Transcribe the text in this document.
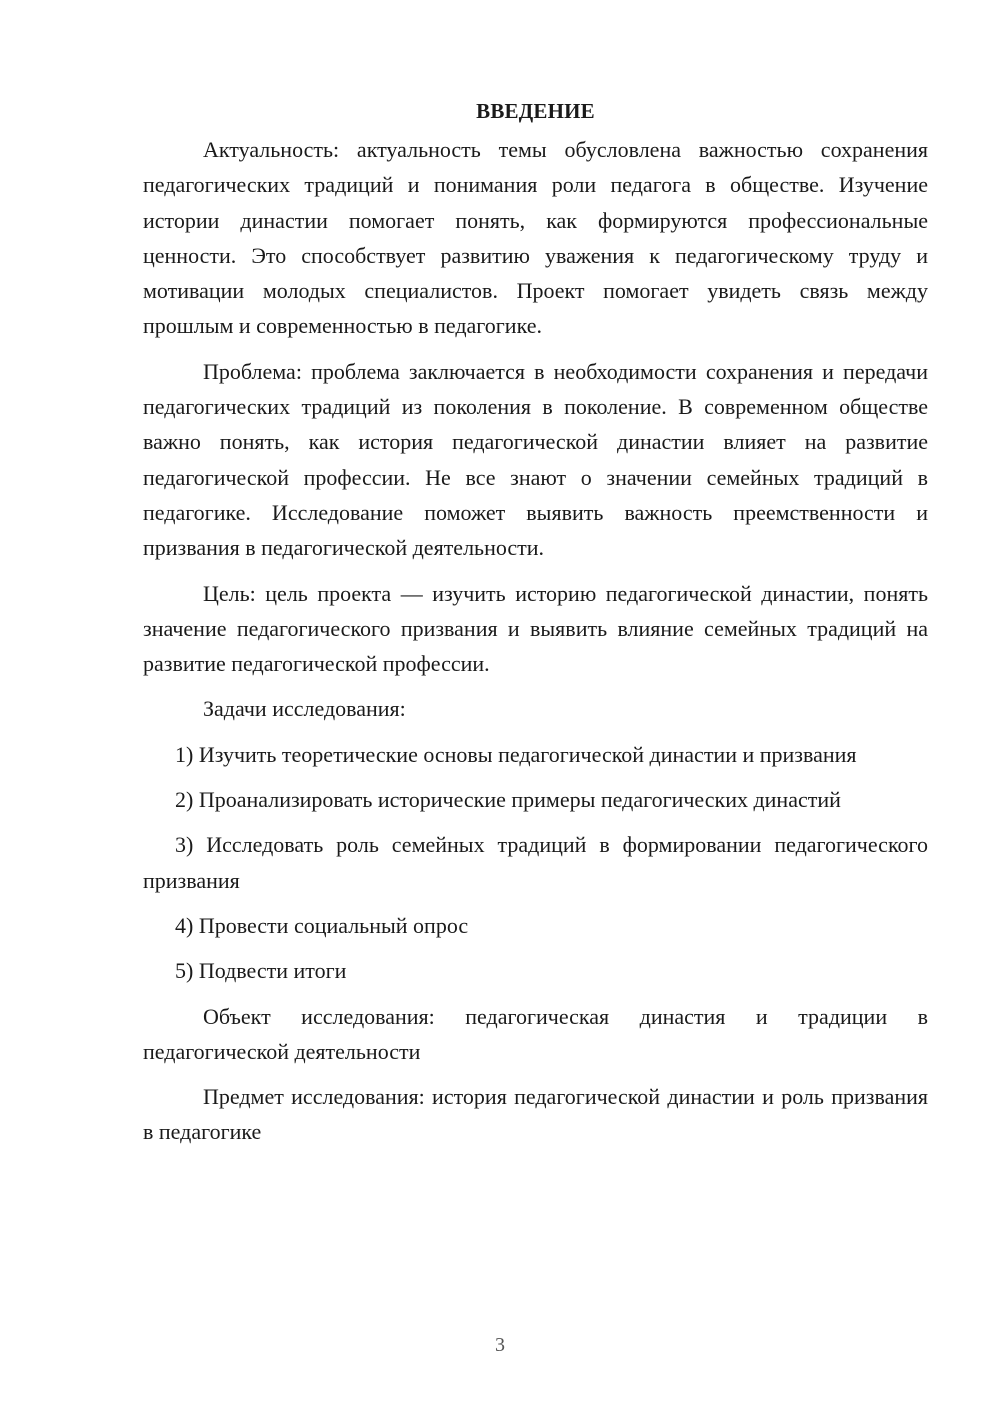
ВВЕДЕНИЕ

Актуальность: актуальность темы обусловлена важностью сохранения педагогических традиций и понимания роли педагога в обществе. Изучение истории династии помогает понять, как формируются профессиональные ценности. Это способствует развитию уважения к педагогическому труду и мотивации молодых специалистов. Проект помогает увидеть связь между прошлым и современностью в педагогике.

Проблема: проблема заключается в необходимости сохранения и передачи педагогических традиций из поколения в поколение. В современном обществе важно понять, как история педагогической династии влияет на развитие педагогической профессии. Не все знают о значении семейных традиций в педагогике. Исследование поможет выявить важность преемственности и призвания в педагогической деятельности.

Цель: цель проекта — изучить историю педагогической династии, понять значение педагогического призвания и выявить влияние семейных традиций на развитие педагогической профессии.

Задачи исследования:

1) Изучить теоретические основы педагогической династии и призвания

2) Проанализировать исторические примеры педагогических династий

3) Исследовать роль семейных традиций в формировании педагогического призвания

4) Провести социальный опрос

5) Подвести итоги

Объект исследования: педагогическая династия и традиции в педагогической деятельности

Предмет исследования: история педагогической династии и роль призвания в педагогике

3
